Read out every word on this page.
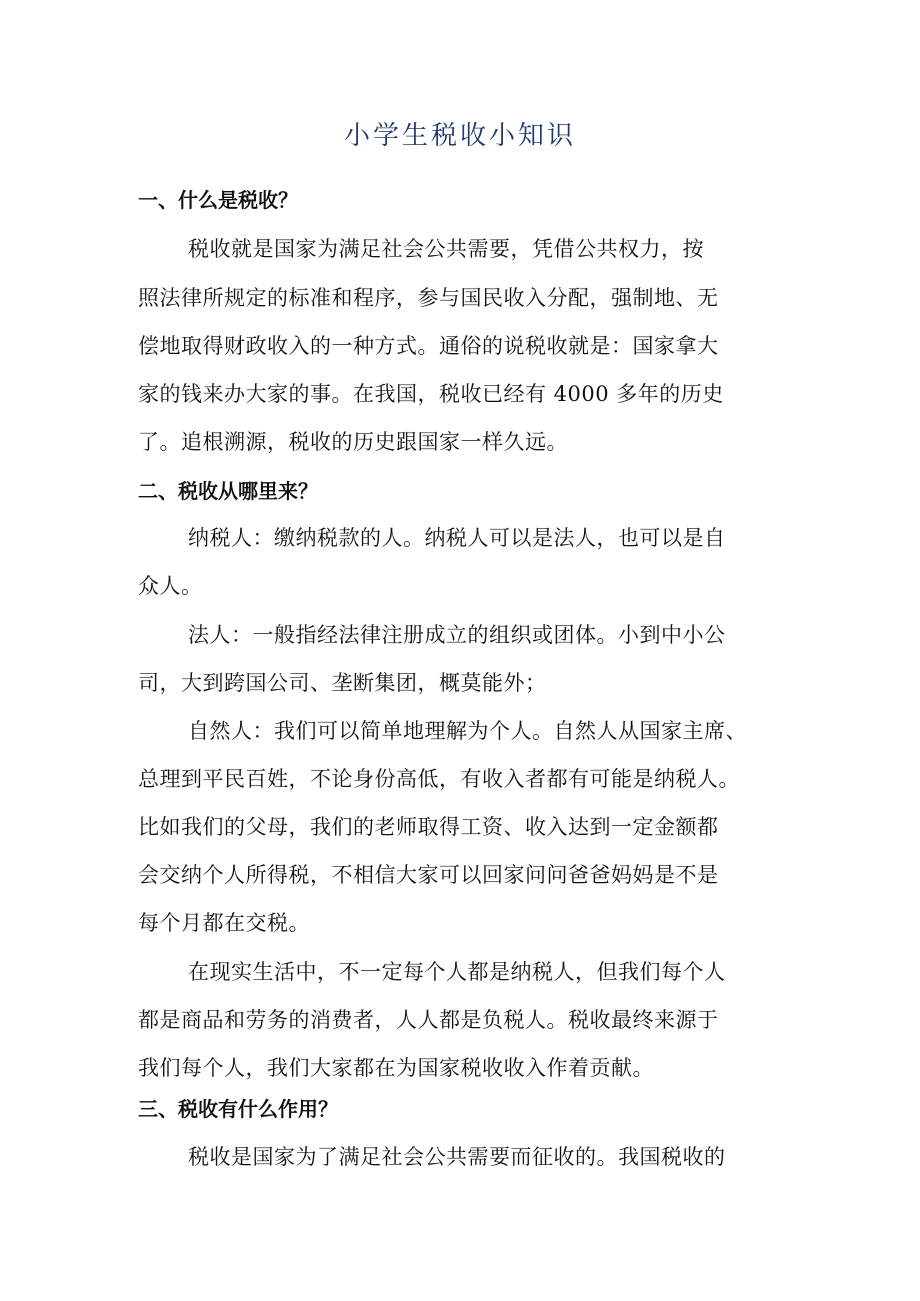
小学生税收小知识
一、什么是税收？
税收就是国家为满足社会公共需要，凭借公共权力，按
照法律所规定的标准和程序，参与国民收入分配，强制地、无
偿地取得财政收入的一种方式。通俗的说税收就是：国家拿大
家的钱来办大家的事。在我国，税收已经有 4000 多年的历史
了。追根溯源，税收的历史跟国家一样久远。
二、税收从哪里来？
纳税人：缴纳税款的人。纳税人可以是法人，也可以是自
众人。
法人：一般指经法律注册成立的组织或团体。小到中小公
司，大到跨国公司、垄断集团，概莫能外；
自然人：我们可以简单地理解为个人。自然人从国家主席、
总理到平民百姓，不论身份高低，有收入者都有可能是纳税人。
比如我们的父母，我们的老师取得工资、收入达到一定金额都
会交纳个人所得税，不相信大家可以回家问问爸爸妈妈是不是
每个月都在交税。
在现实生活中，不一定每个人都是纳税人，但我们每个人
都是商品和劳务的消费者，人人都是负税人。税收最终来源于
我们每个人，我们大家都在为国家税收收入作着贡献。
三、税收有什么作用？
税收是国家为了满足社会公共需要而征收的。我国税收的
